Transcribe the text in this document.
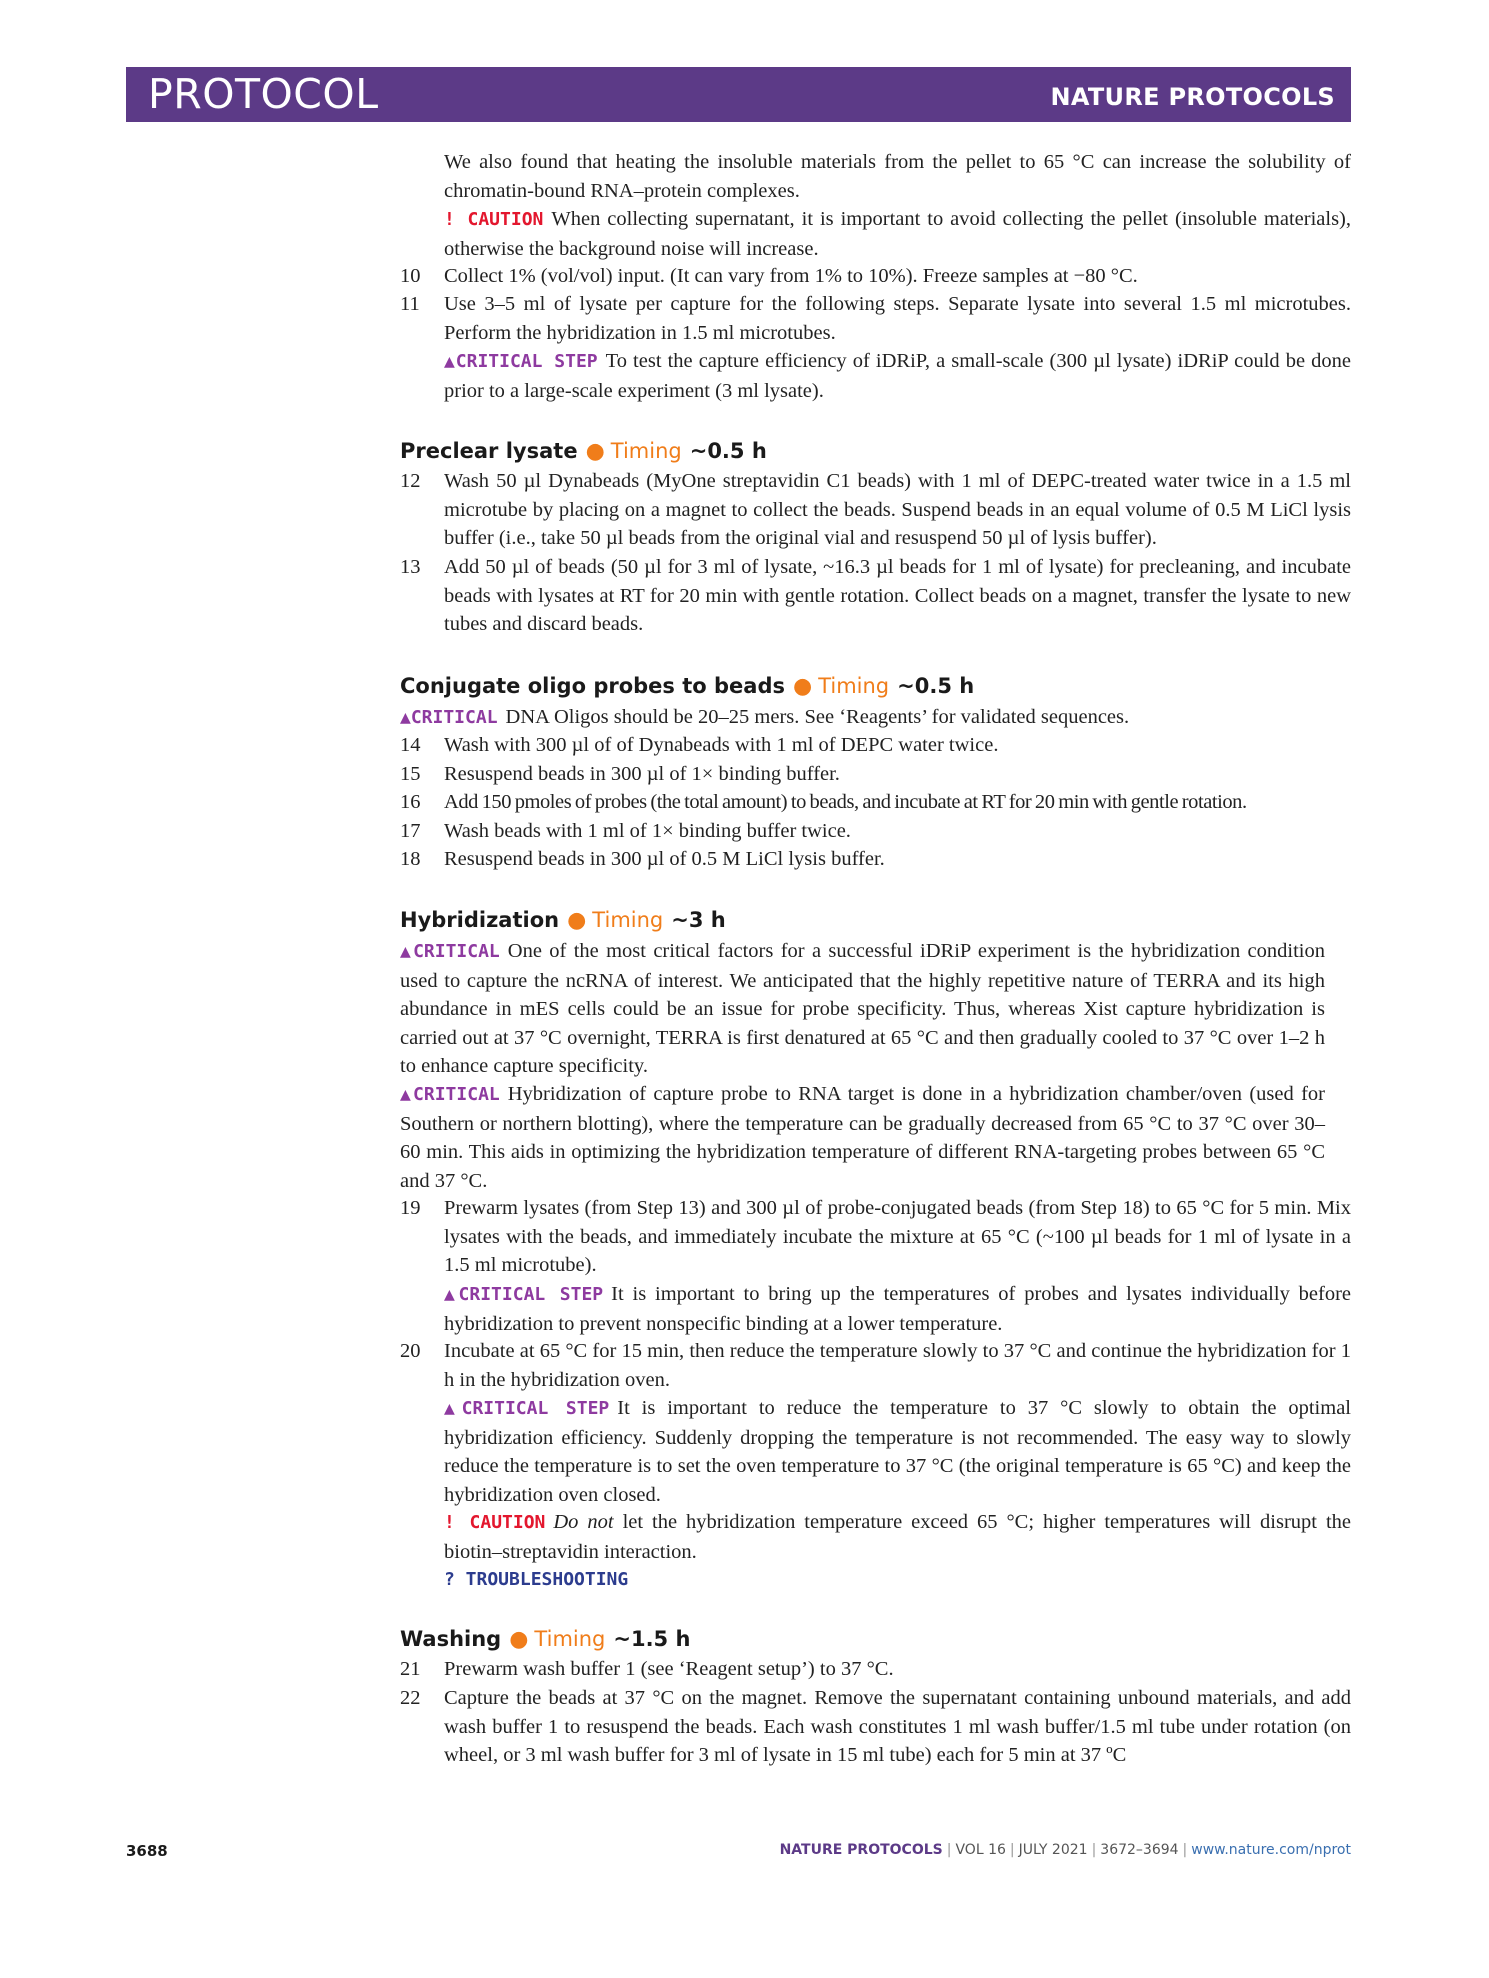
PROTOCOL	NATURE PROTOCOLS

We also found that heating the insoluble materials from the pellet to 65 °C can increase the solubility of chromatin-bound RNA–protein complexes.

! CAUTION When collecting supernatant, it is important to avoid collecting the pellet (insoluble materials), otherwise the background noise will increase.

10	Collect 1% (vol/vol) input. (It can vary from 1% to 10%). Freeze samples at −80 °C.
11	Use 3–5 ml of lysate per capture for the following steps. Separate lysate into several 1.5 ml microtubes. Perform the hybridization in 1.5 ml microtubes.

▲CRITICAL STEP To test the capture efficiency of iDRiP, a small-scale (300 µl lysate) iDRiP could be done prior to a large-scale experiment (3 ml lysate).

Preclear lysate ● Timing ~0.5 h
12	Wash 50 µl Dynabeads (MyOne streptavidin C1 beads) with 1 ml of DEPC-treated water twice in a 1.5 ml microtube by placing on a magnet to collect the beads. Suspend beads in an equal volume of 0.5 M LiCl lysis buffer (i.e., take 50 µl beads from the original vial and resuspend 50 µl of lysis buffer).
13	Add 50 µl of beads (50 µl for 3 ml of lysate, ~16.3 µl beads for 1 ml of lysate) for precleaning, and incubate beads with lysates at RT for 20 min with gentle rotation. Collect beads on a magnet, transfer the lysate to new tubes and discard beads.
Conjugate oligo probes to beads ● Timing ~0.5 h

▲CRITICAL DNA Oligos should be 20–25 mers. See ‘Reagents’ for validated sequences.

14	Wash with 300 µl of of Dynabeads with 1 ml of DEPC water twice.
15	Resuspend beads in 300 µl of 1× binding buffer.
16	Add 150 pmoles of probes (the total amount) to beads, and incubate at RT for 20 min with gentle rotation.
17	Wash beads with 1 ml of 1× binding buffer twice.
18	Resuspend beads in 300 µl of 0.5 M LiCl lysis buffer.
Hybridization ● Timing ~3 h

▲CRITICAL One of the most critical factors for a successful iDRiP experiment is the hybridization condition used to capture the ncRNA of interest. We anticipated that the highly repetitive nature of TERRA and its high abundance in mES cells could be an issue for probe specificity. Thus, whereas Xist capture hybridization is carried out at 37 °C overnight, TERRA is first denatured at 65 °C and then gradually cooled to 37 °C over 1–2 h to enhance capture specificity.

▲CRITICAL Hybridization of capture probe to RNA target is done in a hybridization chamber/oven (used for Southern or northern blotting), where the temperature can be gradually decreased from 65 °C to 37 °C over 30–60 min. This aids in optimizing the hybridization temperature of different RNA-targeting probes between 65 °C and 37 °C.

19	Prewarm lysates (from Step 13) and 300 µl of probe-conjugated beads (from Step 18) to 65 °C for 5 min. Mix lysates with the beads, and immediately incubate the mixture at 65 °C (~100 µl beads for 1 ml of lysate in a 1.5 ml microtube).

▲CRITICAL STEP It is important to bring up the temperatures of probes and lysates individually before hybridization to prevent nonspecific binding at a lower temperature.

20	Incubate at 65 °C for 15 min, then reduce the temperature slowly to 37 °C and continue the hybridization for 1 h in the hybridization oven.

▲CRITICAL STEP It is important to reduce the temperature to 37 °C slowly to obtain the optimal hybridization efficiency. Suddenly dropping the temperature is not recommended. The easy way to slowly reduce the temperature is to set the oven temperature to 37 °C (the original temperature is 65 °C) and keep the hybridization oven closed.

! CAUTION Do not let the hybridization temperature exceed 65 °C; higher temperatures will disrupt the biotin–streptavidin interaction.

? TROUBLESHOOTING

Washing ● Timing ~1.5 h
21	Prewarm wash buffer 1 (see ‘Reagent setup’) to 37 °C.
22	Capture the beads at 37 °C on the magnet. Remove the supernatant containing unbound materials, and add wash buffer 1 to resuspend the beads. Each wash constitutes 1 ml wash buffer/1.5 ml tube under rotation (on wheel, or 3 ml wash buffer for 3 ml of lysate in 15 ml tube) each for 5 min at 37 ºC
3688	NATURE PROTOCOLS | VOL 16 | JULY 2021 | 3672–3694 | www.nature.com/nprot
